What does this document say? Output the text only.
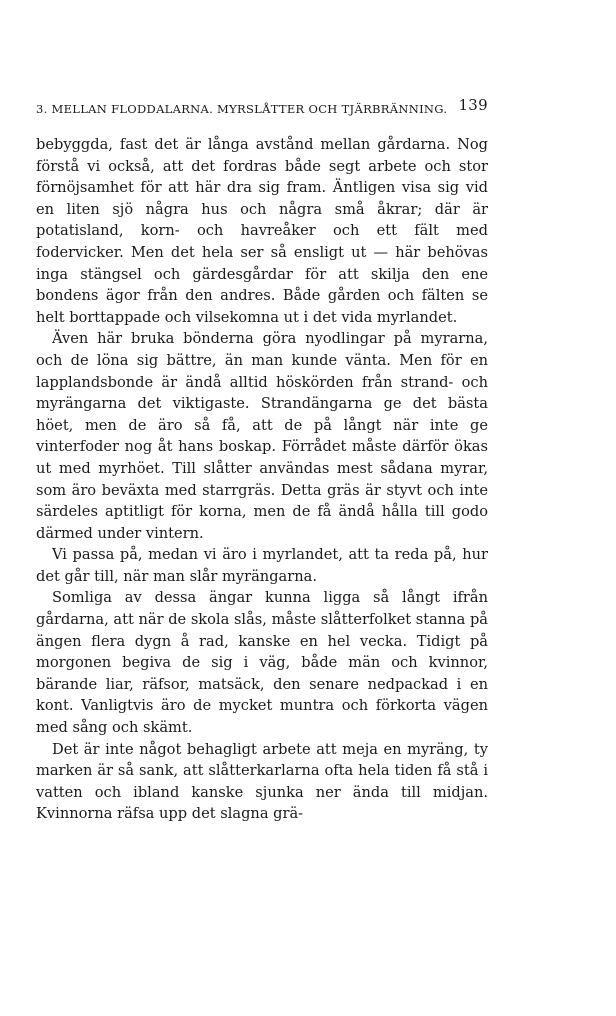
3. MELLAN FLODDALARNA. MYRSLÅTTER OCH TJÄRBRÄNNING. 139

bebyggda, fast det är långa avstånd mellan gårdarna. Nog förstå vi också, att det fordras både segt arbete och stor förnöjsamhet för att här dra sig fram. Äntligen visa sig vid en liten sjö några hus och några små åkrar; där är potatisland, korn- och havreåker och ett fält med fodervicker. Men det hela ser så ensligt ut — här behövas inga stängsel och gärdesgårdar för att skilja den ene bondens ägor från den andres. Både gården och fälten se helt borttappade och vilsekomna ut i det vida myrlandet.

Även här bruka bönderna göra nyodlingar på myrarna, och de löna sig bättre, än man kunde vänta. Men för en lapplandsbonde är ändå alltid höskörden från strand- och myrängarna det viktigaste. Strandängarna ge det bästa höet, men de äro så få, att de på långt när inte ge vinterfoder nog åt hans boskap. Förrådet måste därför ökas ut med myrhöet. Till slåtter användas mest sådana myrar, som äro beväxta med starrgräs. Detta gräs är styvt och inte särdeles aptitligt för korna, men de få ändå hålla till godo därmed under vintern.

Vi passa på, medan vi äro i myrlandet, att ta reda på, hur det går till, när man slår myrängarna.

Somliga av dessa ängar kunna ligga så långt ifrån gårdarna, att när de skola slås, måste slåtterfolket stanna på ängen flera dygn å rad, kanske en hel vecka. Tidigt på morgonen begiva de sig i väg, både män och kvinnor, bärande liar, räfsor, matsäck, den senare nedpackad i en kont. Vanligtvis äro de mycket muntra och förkorta vägen med sång och skämt.

Det är inte något behagligt arbete att meja en myräng, ty marken är så sank, att slåtterkarlarna ofta hela tiden få stå i vatten och ibland kanske sjunka ner ända till midjan. Kvinnorna räfsa upp det slagna grä-
